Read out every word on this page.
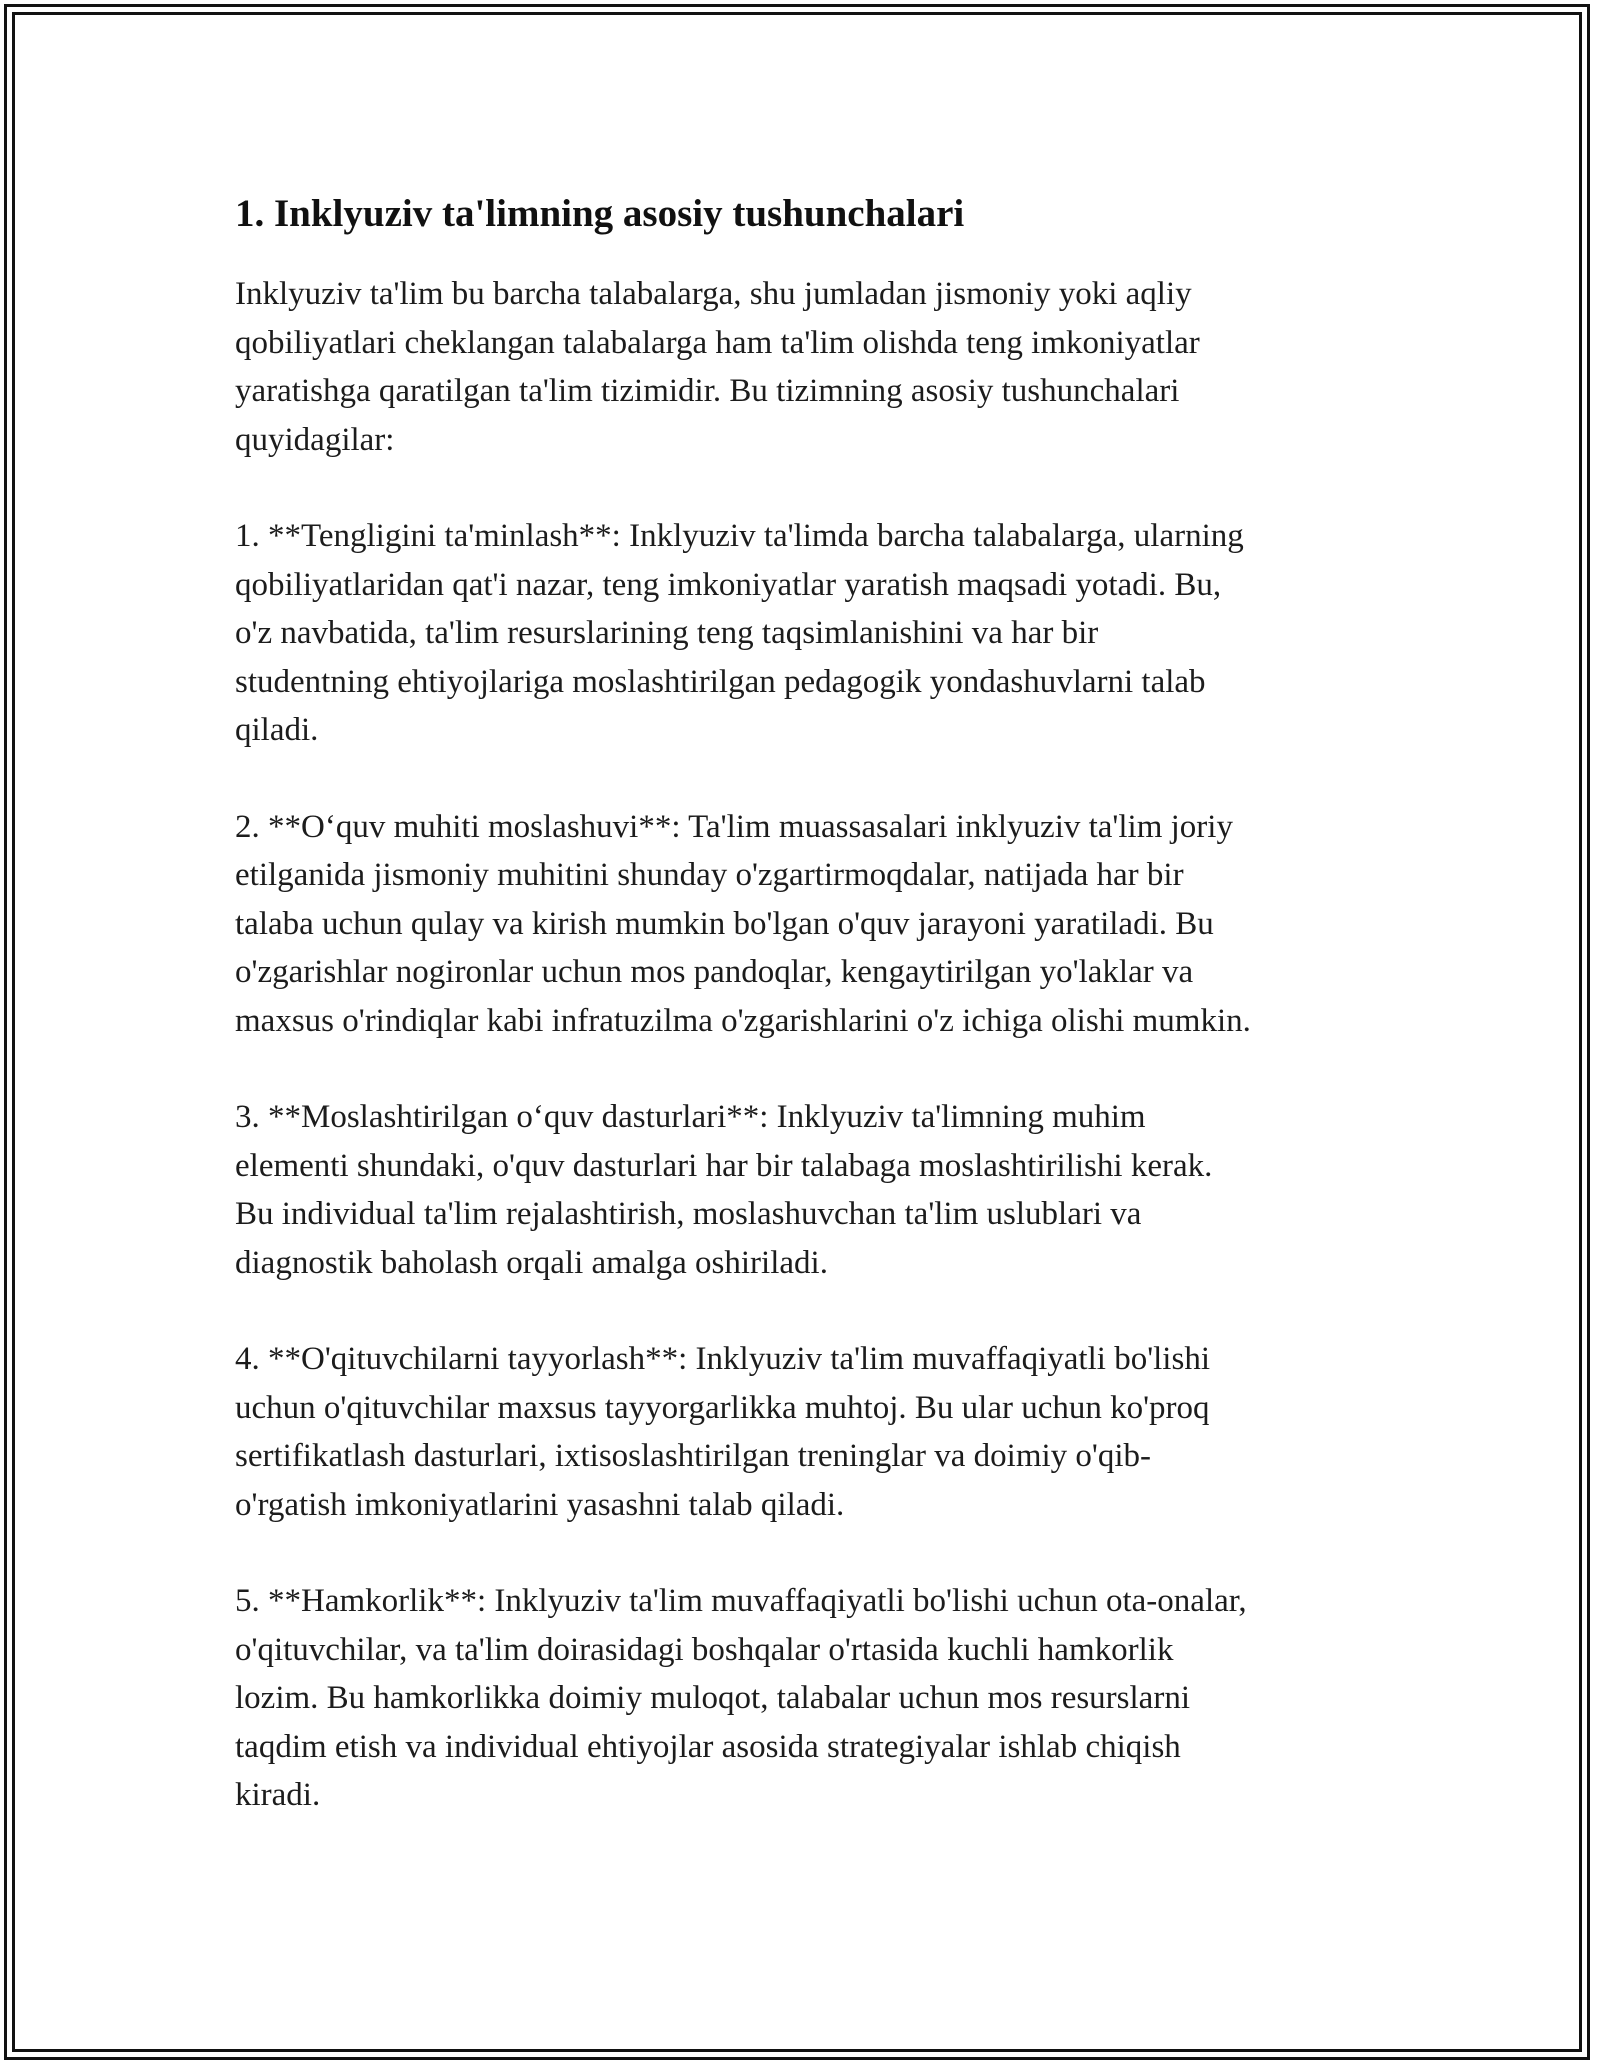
1. Inklyuziv ta'limning asosiy tushunchalari

Inklyuziv ta'lim bu barcha talabalarga, shu jumladan jismoniy yoki aqliy
qobiliyatlari cheklangan talabalarga ham ta'lim olishda teng imkoniyatlar
yaratishga qaratilgan ta'lim tizimidir. Bu tizimning asosiy tushunchalari
quyidagilar:

1. **Tengligini ta'minlash**: Inklyuziv ta'limda barcha talabalarga, ularning
qobiliyatlaridan qat'i nazar, teng imkoniyatlar yaratish maqsadi yotadi. Bu,
o'z navbatida, ta'lim resurslarining teng taqsimlanishini va har bir
studentning ehtiyojlariga moslashtirilgan pedagogik yondashuvlarni talab
qiladi.

2. **O‘quv muhiti moslashuvi**: Ta'lim muassasalari inklyuziv ta'lim joriy
etilganida jismoniy muhitini shunday o'zgartirmoqdalar, natijada har bir
talaba uchun qulay va kirish mumkin bo'lgan o'quv jarayoni yaratiladi. Bu
o'zgarishlar nogironlar uchun mos pandoqlar, kengaytirilgan yo'laklar va
maxsus o'rindiqlar kabi infratuzilma o'zgarishlarini o'z ichiga olishi mumkin.

3. **Moslashtirilgan o‘quv dasturlari**: Inklyuziv ta'limning muhim
elementi shundaki, o'quv dasturlari har bir talabaga moslashtirilishi kerak.
Bu individual ta'lim rejalashtirish, moslashuvchan ta'lim uslublari va
diagnostik baholash orqali amalga oshiriladi.

4. **O'qituvchilarni tayyorlash**: Inklyuziv ta'lim muvaffaqiyatli bo'lishi
uchun o'qituvchilar maxsus tayyorgarlikka muhtoj. Bu ular uchun ko'proq
sertifikatlash dasturlari, ixtisoslashtirilgan treninglar va doimiy o'qib-
o'rgatish imkoniyatlarini yasashni talab qiladi.

5. **Hamkorlik**: Inklyuziv ta'lim muvaffaqiyatli bo'lishi uchun ota-onalar,
o'qituvchilar, va ta'lim doirasidagi boshqalar o'rtasida kuchli hamkorlik
lozim. Bu hamkorlikka doimiy muloqot, talabalar uchun mos resurslarni
taqdim etish va individual ehtiyojlar asosida strategiyalar ishlab chiqish
kiradi.
